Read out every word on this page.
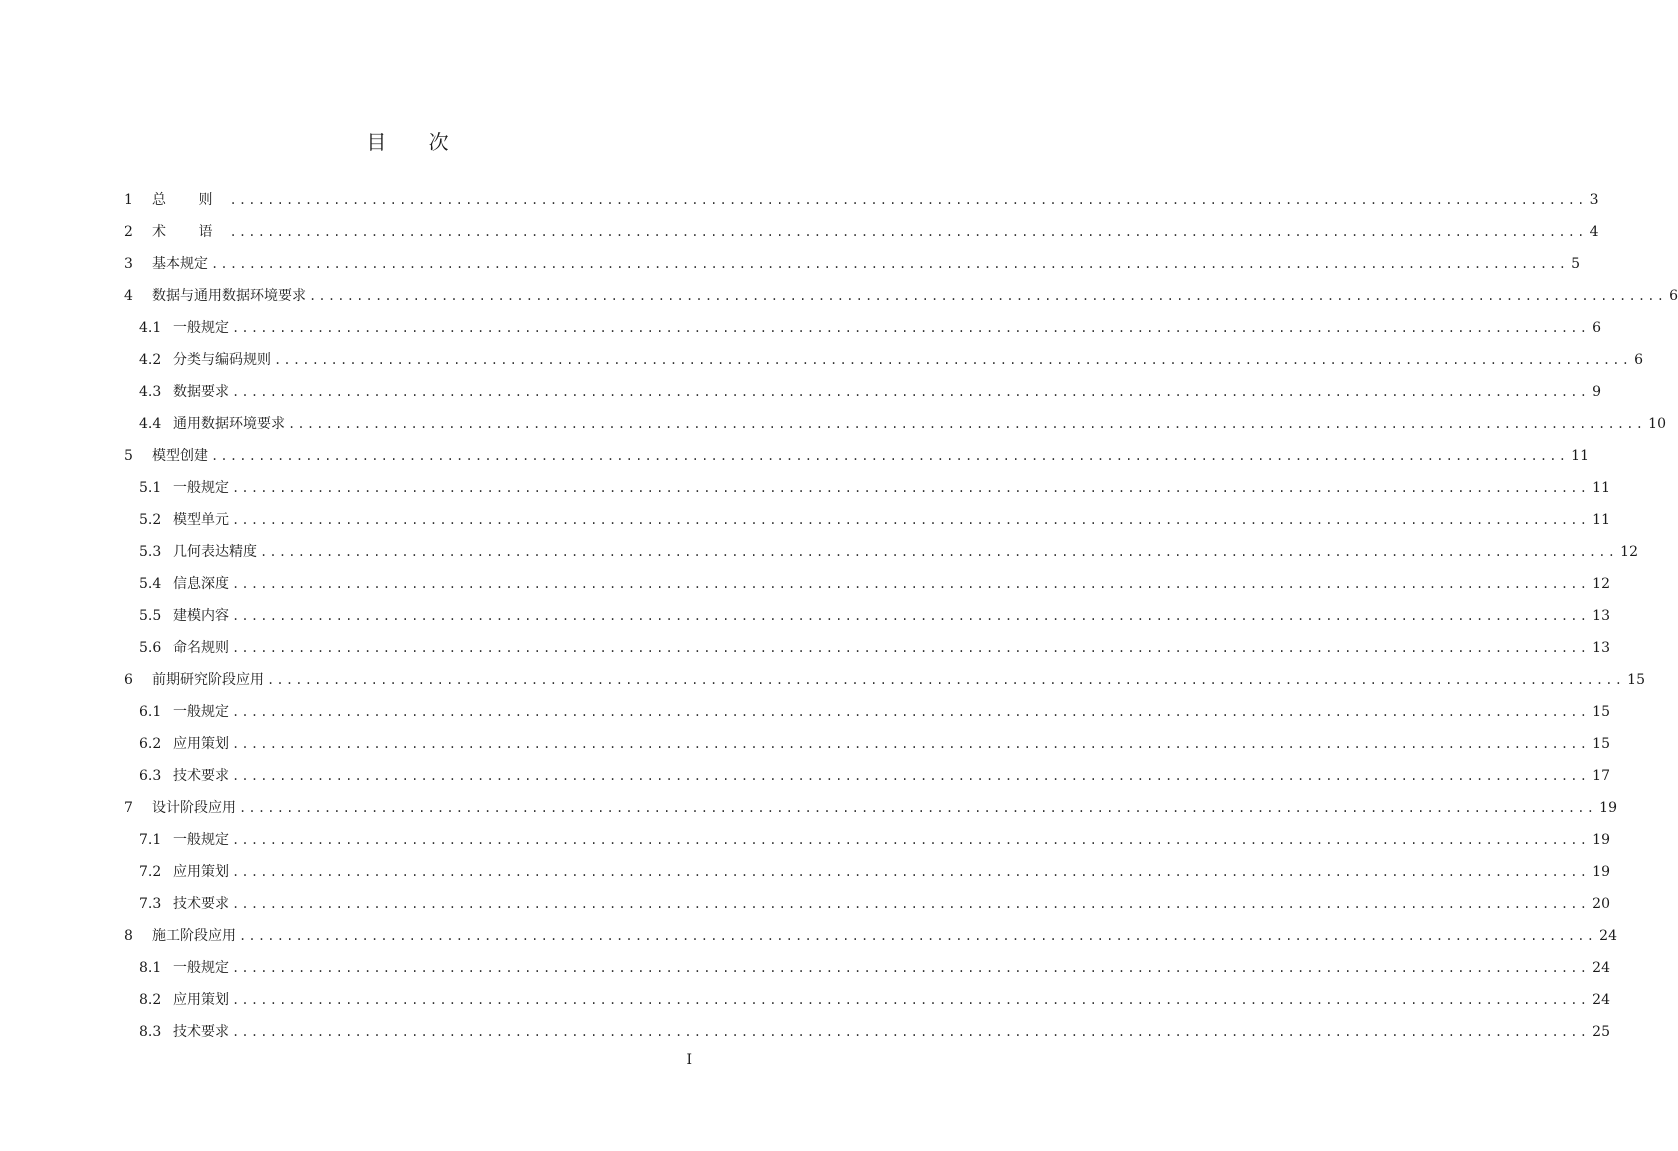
目 次
1	总 则 ................................................................................................................................................ 3
2	术 语 ................................................................................................................................................ 4
3	基本规定 ................................................................................................................................................ 5
4	数据与通用数据环境要求 ................................................................................................................................................ 6
4.1 一般规定 ................................................................................................................................................ 6
4.2 分类与编码规则 ................................................................................................................................................ 6
4.3 数据要求 ................................................................................................................................................ 9
4.4 通用数据环境要求 ................................................................................................................................................ 10
5	模型创建 ................................................................................................................................................ 11
5.1 一般规定 ................................................................................................................................................ 11
5.2 模型单元 ................................................................................................................................................ 11
5.3 几何表达精度 ................................................................................................................................................ 12
5.4 信息深度 ................................................................................................................................................ 12
5.5 建模内容 ................................................................................................................................................ 13
5.6 命名规则 ................................................................................................................................................ 13
6	前期研究阶段应用 ................................................................................................................................................ 15
6.1 一般规定 ................................................................................................................................................ 15
6.2 应用策划 ................................................................................................................................................ 15
6.3 技术要求 ................................................................................................................................................ 17
7	设计阶段应用 ................................................................................................................................................ 19
7.1 一般规定 ................................................................................................................................................ 19
7.2 应用策划 ................................................................................................................................................ 19
7.3 技术要求 ................................................................................................................................................ 20
8	施工阶段应用 ................................................................................................................................................ 24
8.1 一般规定 ................................................................................................................................................ 24
8.2 应用策划 ................................................................................................................................................ 24
8.3 技术要求 ................................................................................................................................................ 25
I
